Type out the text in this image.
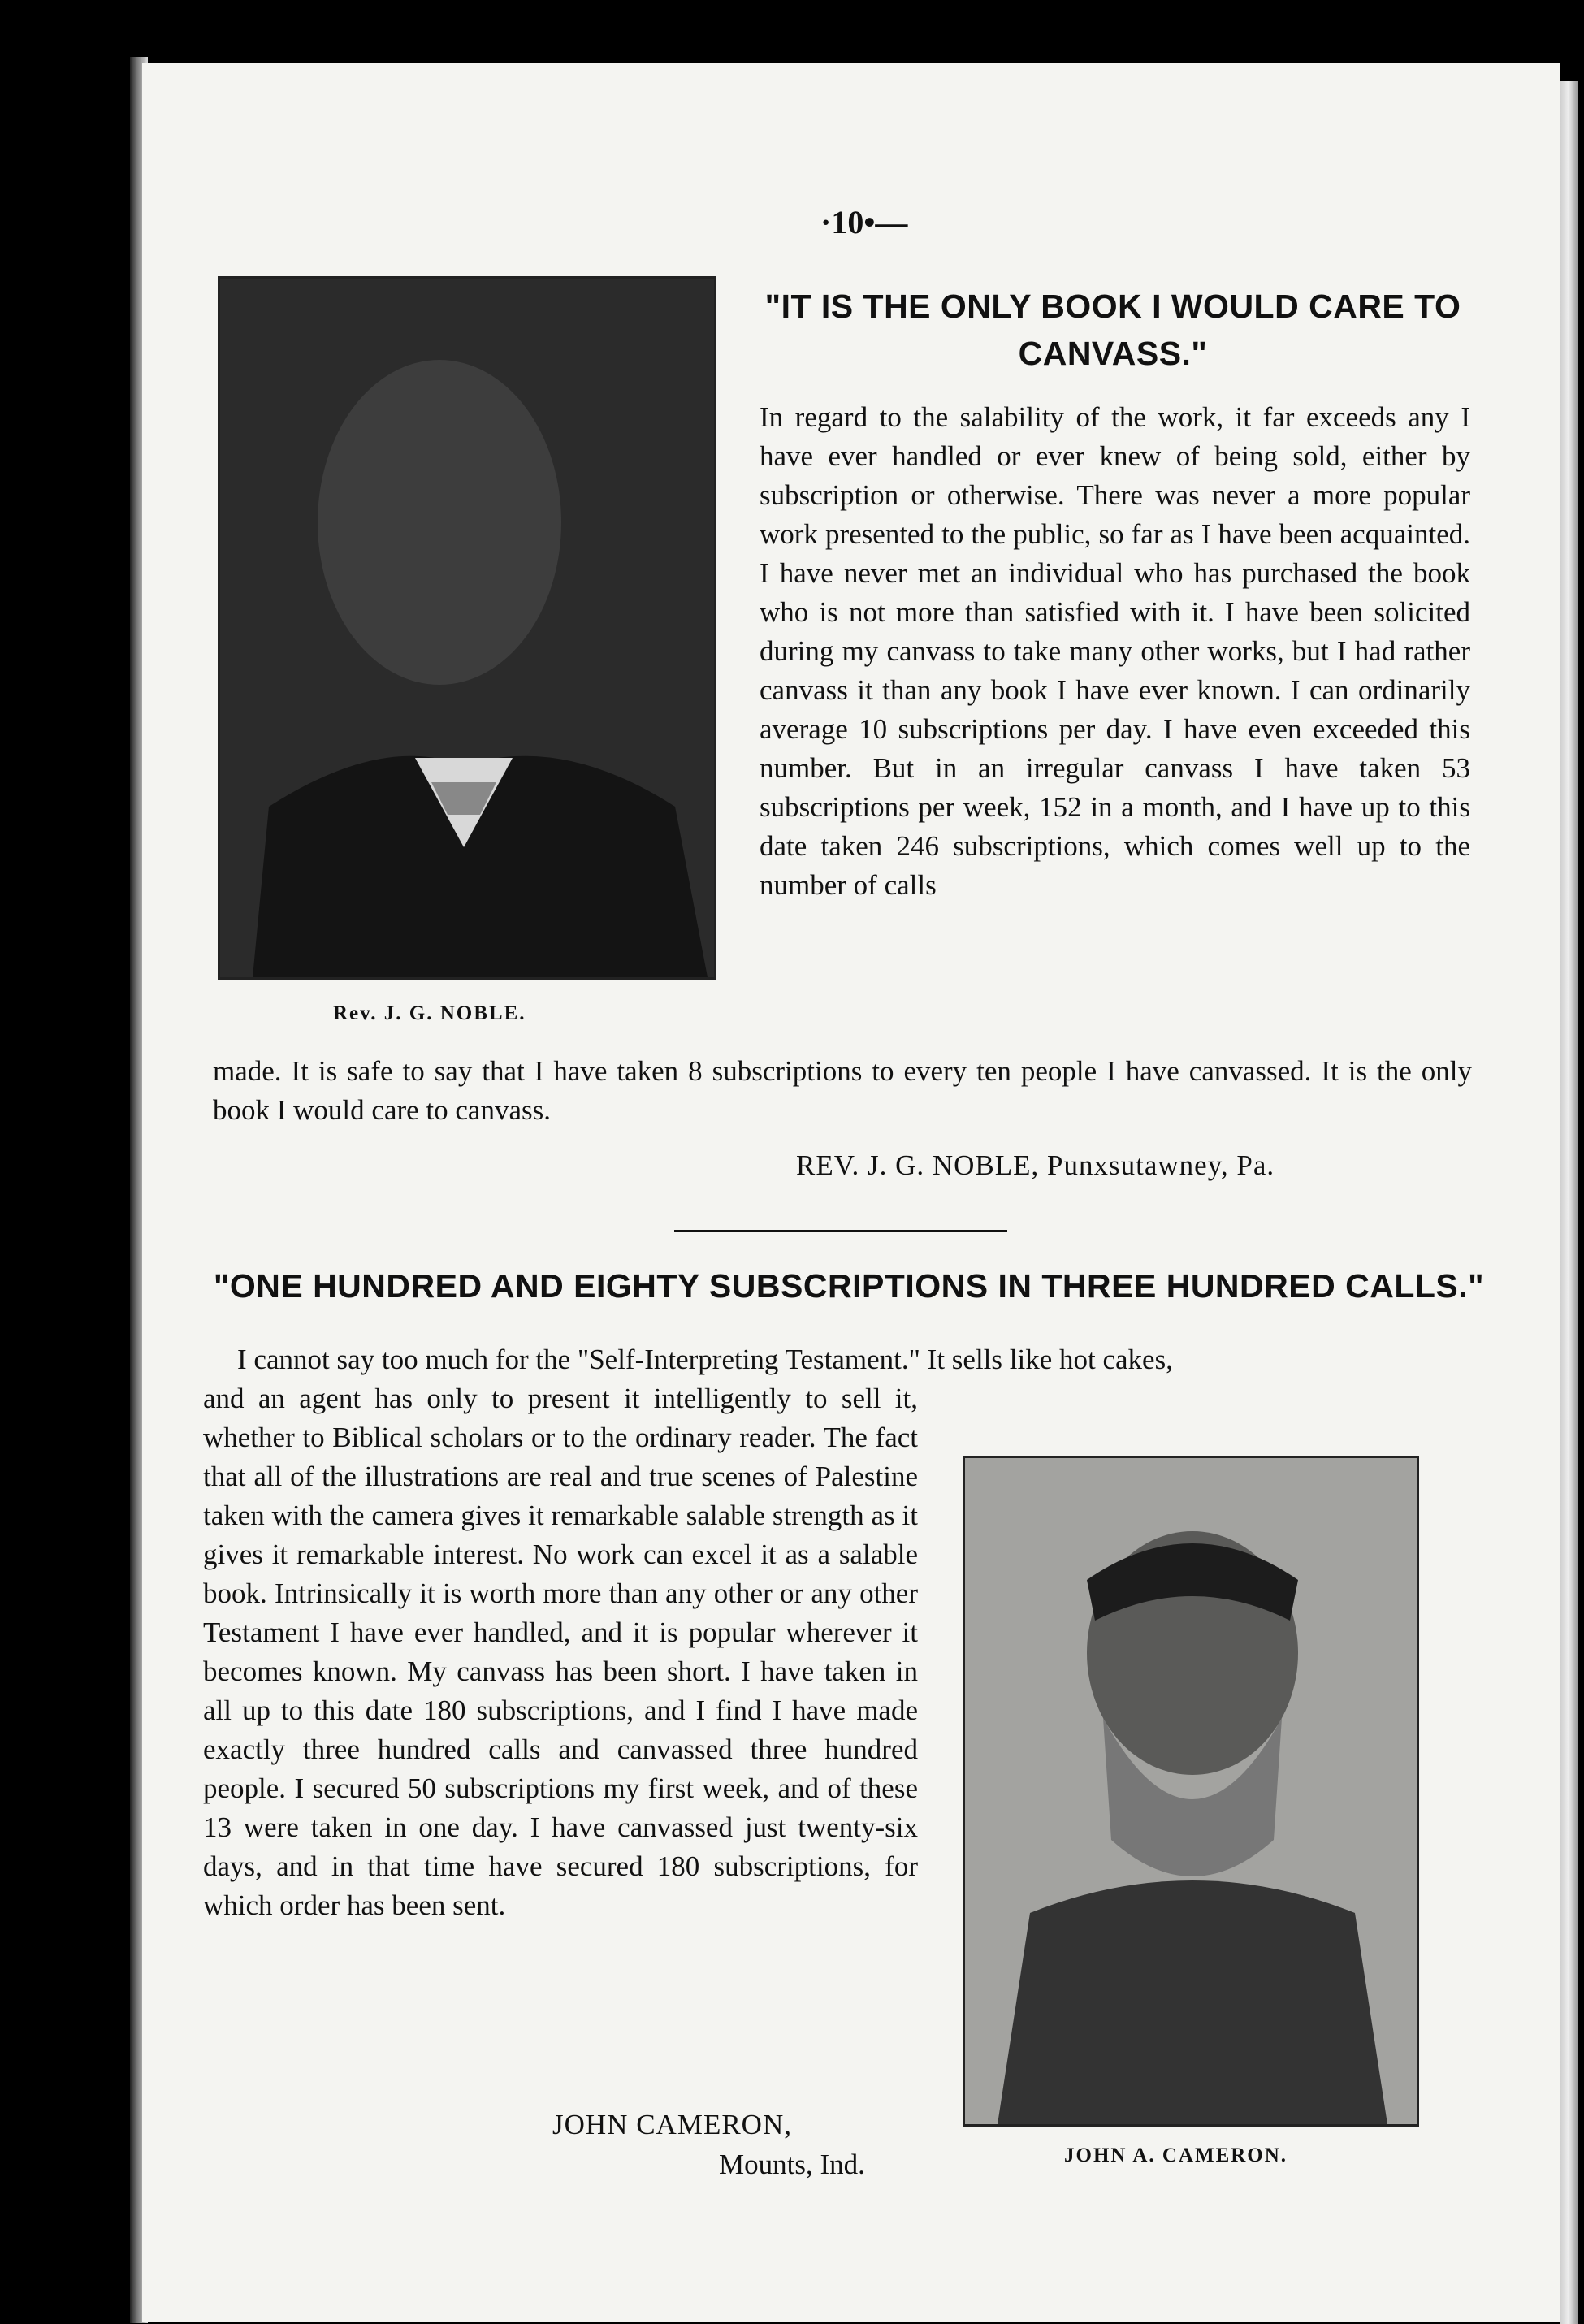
·10•—
Rev. J. G. NOBLE.
"IT IS THE ONLY BOOK I WOULD CARE TO CANVASS."
In regard to the salability of the work, it far exceeds any I have ever handled or ever knew of being sold, either by subscription or otherwise. There was never a more popular work presented to the public, so far as I have been acquainted. I have never met an individual who has purchased the book who is not more than satisfied with it. I have been solicited during my canvass to take many other works, but I had rather canvass it than any book I have ever known. I can ordinarily average 10 subscriptions per day. I have even exceeded this number. But in an irregular canvass I have taken 53 subscriptions per week, 152 in a month, and I have up to this date taken 246 subscriptions, which comes well up to the number of calls
made. It is safe to say that I have taken 8 subscriptions to every ten people I have canvassed. It is the only book I would care to canvass.
REV. J. G. NOBLE, Punxsutawney, Pa.
"ONE HUNDRED AND EIGHTY SUBSCRIPTIONS IN THREE HUNDRED CALLS."
I cannot say too much for the "Self-Interpreting Testament." It sells like hot cakes,
and an agent has only to present it intelligently to sell it, whether to Biblical scholars or to the ordinary reader. The fact that all of the illustrations are real and true scenes of Palestine taken with the camera gives it remarkable salable strength as it gives it remarkable interest. No work can excel it as a salable book. Intrinsically it is worth more than any other or any other Testament I have ever handled, and it is popular wherever it becomes known. My canvass has been short. I have taken in all up to this date 180 subscriptions, and I find I have made exactly three hundred calls and canvassed three hundred people. I secured 50 subscriptions my first week, and of these 13 were taken in one day. I have canvassed just twenty-six days, and in that time have secured 180 subscriptions, for which order has been sent.
JOHN A. CAMERON.
JOHN CAMERON,
Mounts, Ind.
